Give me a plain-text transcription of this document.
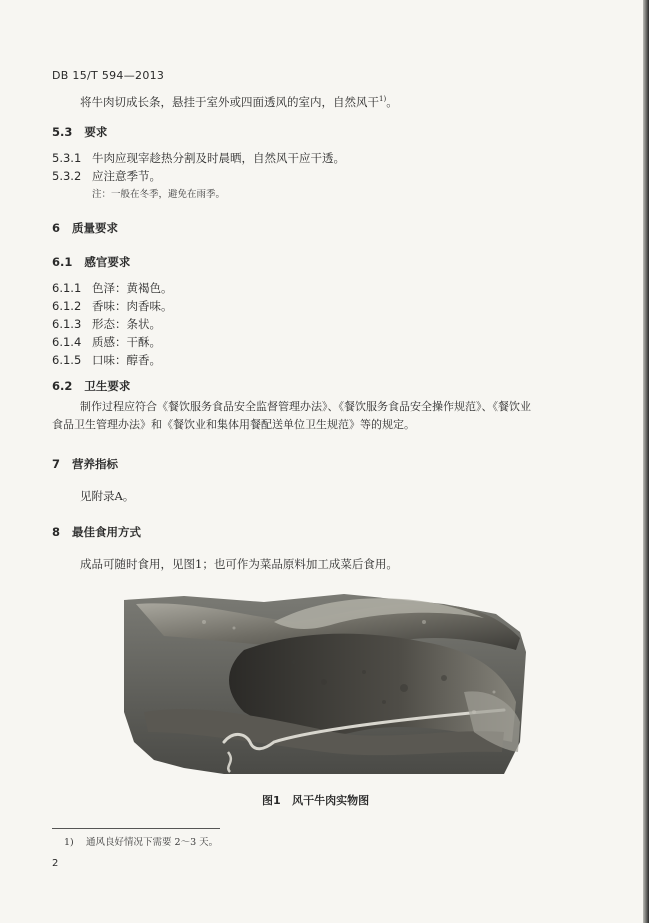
DB 15/T 594—2013
将牛肉切成长条，悬挂于室外或四面透风的室内，自然风干$^{1)}$。
5.3 要求
5.3.1 牛肉应现宰趁热分割及时晨晒，自然风干应干透。
5.3.2 应注意季节。
注：一般在冬季，避免在雨季。
6 质量要求
6.1 感官要求
6.1.1 色泽：黄褐色。
6.1.2 香味：肉香味。
6.1.3 形态：条状。
6.1.4 质感：干酥。
6.1.5 口味：醇香。
6.2 卫生要求
制作过程应符合《餐饮服务食品安全监督管理办法》、《餐饮服务食品安全操作规范》、《餐饮业
食品卫生管理办法》和《餐饮业和集体用餐配送单位卫生规范》等的规定。
7 营养指标
见附录A。
8 最佳食用方式
成品可随时食用，见图1；也可作为菜品原料加工成菜后食用。
图1 风干牛肉实物图
1) 通风良好情况下需要 2～3 天。
2
